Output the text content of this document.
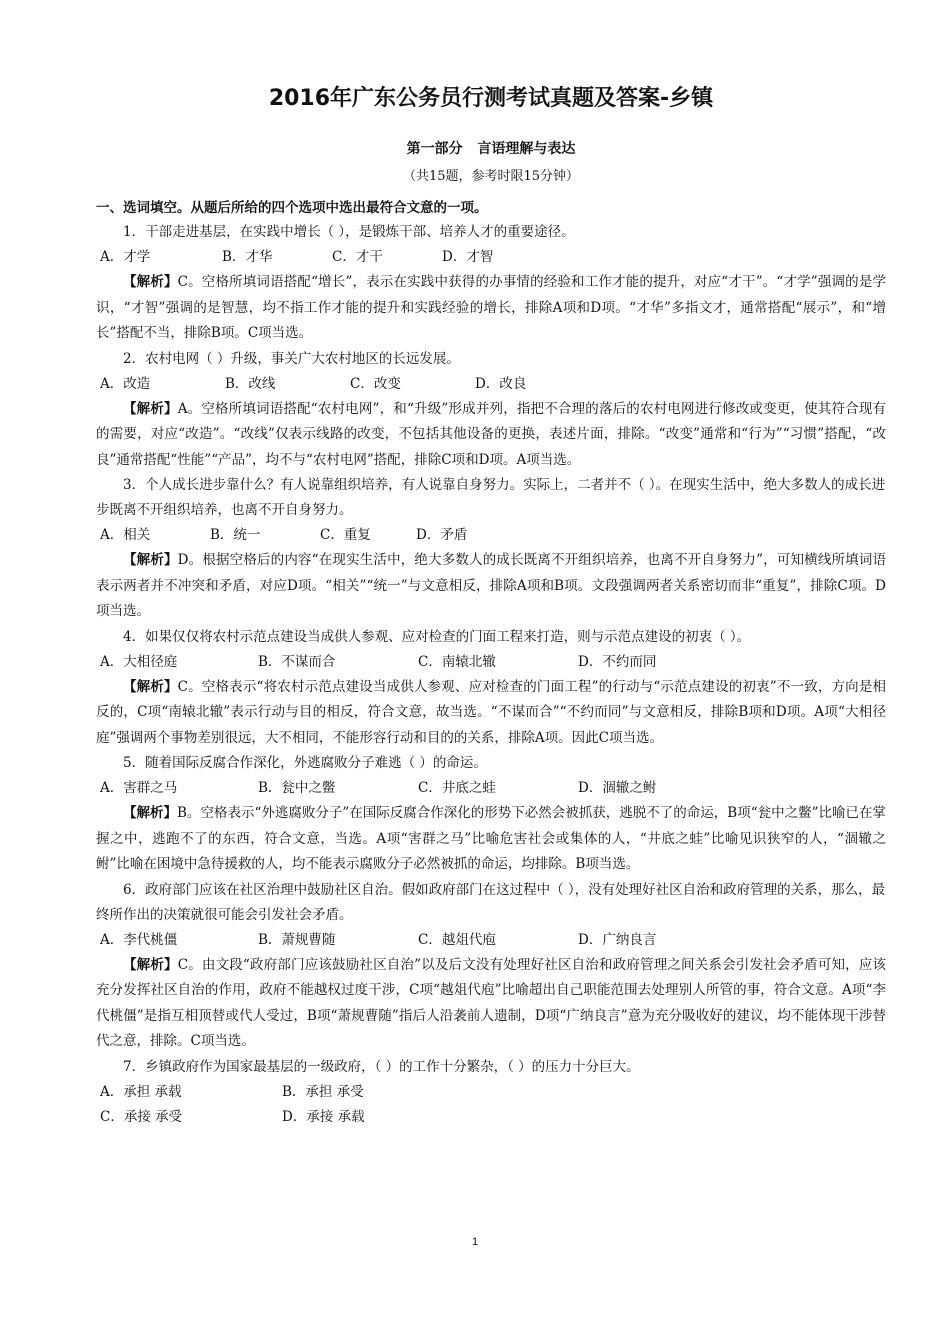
2016年广东公务员行测考试真题及答案-乡镇

第一部分 言语理解与表达

（共15题，参考时限15分钟）

一、选词填空。从题后所给的四个选项中选出最符合文意的一项。

1．干部走进基层，在实践中增长（ ），是锻炼干部、培养人才的重要途径。

A．才学	B．才华	C．才干	D．才智

【解析】C。空格所填词语搭配“增长”，表示在实践中获得的办事情的经验和工作才能的提升，对应“才干”。“才学”强调的是学识，“才智”强调的是智慧，均不指工作才能的提升和实践经验的增长，排除A项和D项。“才华”多指文才，通常搭配“展示”，和“增长”搭配不当，排除B项。C项当选。

2．农村电网（ ）升级，事关广大农村地区的长远发展。

A．改造	B．改线	C．改变	D．改良

【解析】A。空格所填词语搭配“农村电网”，和“升级”形成并列，指把不合理的落后的农村电网进行修改或变更，使其符合现有的需要，对应“改造”。“改线”仅表示线路的改变，不包括其他设备的更换，表述片面，排除。“改变”通常和“行为”“习惯”搭配，“改良”通常搭配“性能”“产品”，均不与“农村电网”搭配，排除C项和D项。A项当选。

3．个人成长进步靠什么？有人说靠组织培养，有人说靠自身努力。实际上，二者并不（ ）。在现实生活中，绝大多数人的成长进步既离不开组织培养，也离不开自身努力。

A．相关	B．统一	C．重复	D．矛盾

【解析】D。根据空格后的内容“在现实生活中，绝大多数人的成长既离不开组织培养，也离不开自身努力”，可知横线所填词语表示两者并不冲突和矛盾，对应D项。“相关”“统一”与文意相反，排除A项和B项。文段强调两者关系密切而非“重复”，排除C项。D项当选。

4．如果仅仅将农村示范点建设当成供人参观、应对检查的门面工程来打造，则与示范点建设的初衷（ ）。

A．大相径庭	B．不谋而合	C．南辕北辙	D．不约而同

【解析】C。空格表示“将农村示范点建设当成供人参观、应对检查的门面工程”的行动与“示范点建设的初衷”不一致，方向是相反的，C项“南辕北辙”表示行动与目的相反，符合文意，故当选。“不谋而合”“不约而同”与文意相反，排除B项和D项。A项“大相径庭”强调两个事物差别很远，大不相同，不能形容行动和目的的关系，排除A项。因此C项当选。

5．随着国际反腐合作深化，外逃腐败分子难逃（ ）的命运。

A．害群之马	B．瓮中之鳖	C．井底之蛙	D．涸辙之鲋

【解析】B。空格表示“外逃腐败分子”在国际反腐合作深化的形势下必然会被抓获，逃脱不了的命运，B项“瓮中之鳖”比喻已在掌握之中，逃跑不了的东西，符合文意，当选。A项“害群之马”比喻危害社会或集体的人，“井底之蛙”比喻见识狭窄的人，“涸辙之鲋”比喻在困境中急待援救的人，均不能表示腐败分子必然被抓的命运，均排除。B项当选。

6．政府部门应该在社区治理中鼓励社区自治。假如政府部门在这过程中（ ），没有处理好社区自治和政府管理的关系，那么，最终所作出的决策就很可能会引发社会矛盾。

A．李代桃僵	B．萧规曹随	C．越俎代庖	D．广纳良言

【解析】C。由文段“政府部门应该鼓励社区自治”以及后文没有处理好社区自治和政府管理之间关系会引发社会矛盾可知，应该充分发挥社区自治的作用，政府不能越权过度干涉，C项“越俎代庖”比喻超出自己职能范围去处理别人所管的事，符合文意。A项“李代桃僵”是指互相顶替或代人受过，B项“萧规曹随”指后人沿袭前人遗制，D项“广纳良言”意为充分吸收好的建议，均不能体现干涉替代之意，排除。C项当选。

7．乡镇政府作为国家最基层的一级政府，（ ）的工作十分繁杂，（ ）的压力十分巨大。

A．承担 承载	B．承担 承受

C．承接 承受	D．承接 承载

1
